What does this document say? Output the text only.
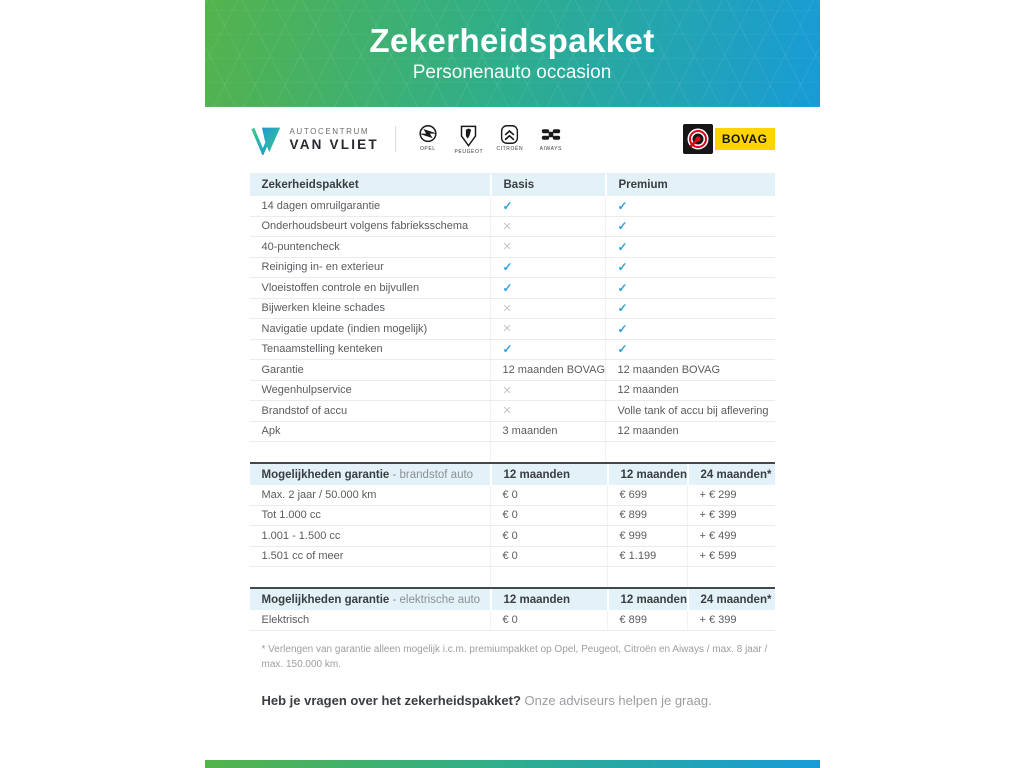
Zekerheidspakket
Personenauto occasion
AUTOCENTRUM
VAN VLIET	OPEL	PEUGEOT	CITROËN	AIWAYS
BOVAG
Zekerheidspakket	Basis	Premium
14 dagen omruilgarantie	✓	✓
Onderhoudsbeurt volgens fabrieksschema	✕	✓
40-puntencheck	✕	✓
Reiniging in- en exterieur	✓	✓
Vloeistoffen controle en bijvullen	✓	✓
Bijwerken kleine schades	✕	✓
Navigatie update (indien mogelijk)	✕	✓
Tenaamstelling kenteken	✓	✓
Garantie	12 maanden BOVAG	12 maanden BOVAG
Wegenhulpservice	✕	12 maanden
Brandstof of accu	✕	Volle tank of accu bij aflevering
Apk	3 maanden	12 maanden
Mogelijkheden garantie - brandstof auto	12 maanden	12 maanden	24 maanden*
Max. 2 jaar / 50.000 km	€ 0	€ 699	+ € 299
Tot 1.000 cc	€ 0	€ 899	+ € 399
1.001 - 1.500 cc	€ 0	€ 999	+ € 499
1.501 cc of meer	€ 0	€ 1.199	+ € 599
Mogelijkheden garantie - elektrische auto	12 maanden	12 maanden	24 maanden*
Elektrisch	€ 0	€ 899	+ € 399
* Verlengen van garantie alleen mogelijk i.c.m. premiumpakket op Opel, Peugeot, Citroën en Aiways / max. 8 jaar / max. 150.000 km.
Heb je vragen over het zekerheidspakket? Onze adviseurs helpen je graag.
